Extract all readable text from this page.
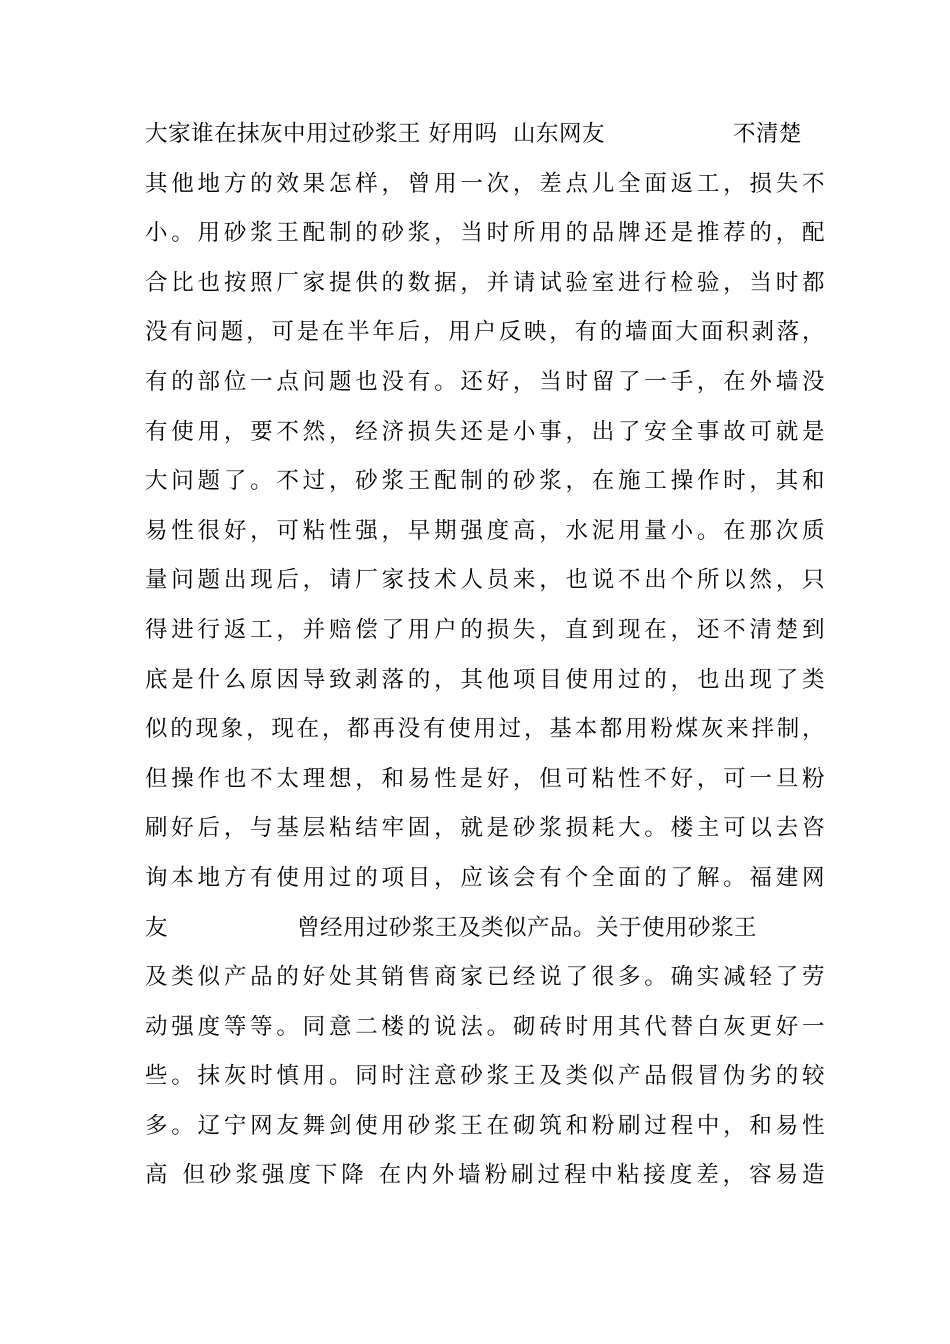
大家谁在抹灰中用过砂浆王 好用吗  山东网友

	不清楚

其他地方的效果怎样，曾用一次，差点儿全面返工，损失不
小。用砂浆王配制的砂浆，当时所用的品牌还是推荐的，配
合比也按照厂家提供的数据，并请试验室进行检验，当时都
没有问题，可是在半年后，用户反映，有的墙面大面积剥落，
有的部位一点问题也没有。还好，当时留了一手，在外墙没
有使用，要不然，经济损失还是小事，出了安全事故可就是
大问题了。不过，砂浆王配制的砂浆，在施工操作时，其和
易性很好，可粘性强，早期强度高，水泥用量小。在那次质
量问题出现后，请厂家技术人员来，也说不出个所以然，只
得进行返工，并赔偿了用户的损失，直到现在，还不清楚到
底是什么原因导致剥落的，其他项目使用过的，也出现了类
似的现象，现在，都再没有使用过，基本都用粉煤灰来拌制，
但操作也不太理想，和易性是好，但可粘性不好，可一旦粉
刷好后，与基层粘结牢固，就是砂浆损耗大。楼主可以去咨
询本地方有使用过的项目，应该会有个全面的了解。福建网

友

	曾经用过砂浆王及类似产品。关于使用砂浆王

及类似产品的好处其销售商家已经说了很多。确实减轻了劳
动强度等等。同意二楼的说法。砌砖时用其代替白灰更好一
些。抹灰时慎用。同时注意砂浆王及类似产品假冒伪劣的较
多。辽宁网友舞剑使用砂浆王在砌筑和粉刷过程中，和易性
高 但砂浆强度下降 在内外墙粉刷过程中粘接度差，容易造
